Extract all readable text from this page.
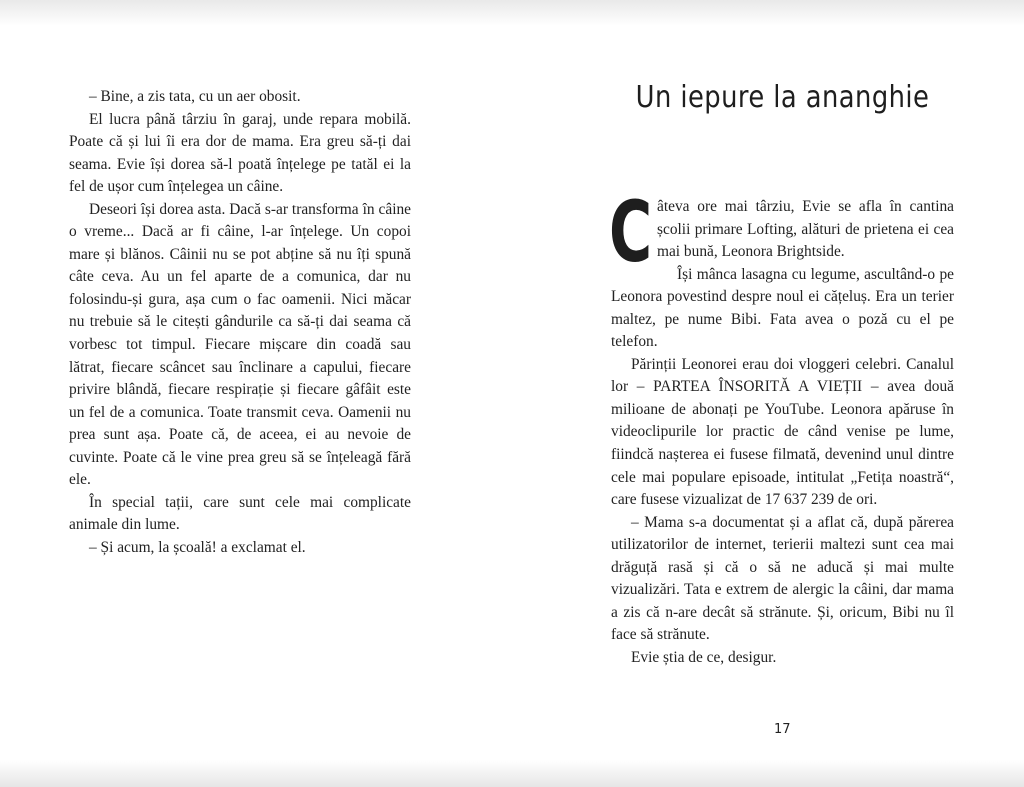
– Bine, a zis tata, cu un aer obosit.

El lucra până târziu în garaj, unde repara mobilă. Poate că și lui îi era dor de mama. Era greu să-ți dai seama. Evie își dorea să-l poată înțelege pe tatăl ei la fel de ușor cum înțelegea un câine.

Deseori își dorea asta. Dacă s-ar transforma în câine o vreme... Dacă ar fi câine, l-ar înțelege. Un copoi mare și blănos. Câinii nu se pot abține să nu îți spună câte ceva. Au un fel aparte de a comunica, dar nu folosindu-și gura, așa cum o fac oamenii. Nici măcar nu trebuie să le citești gândurile ca să-ți dai seama că vorbesc tot timpul. Fiecare mișcare din coadă sau lătrat, fiecare scâncet sau înclinare a capului, fiecare privire blândă, fiecare respirație și fiecare gâfâit este un fel de a comunica. Toate transmit ceva. Oamenii nu prea sunt așa. Poate că, de aceea, ei au nevoie de cuvinte. Poate că le vine prea greu să se înțeleagă fără ele.

În special tații, care sunt cele mai complicate animale din lume.

– Și acum, la școală! a exclamat el.

Un iepure la ananghie

Câteva ore mai târziu, Evie se afla în cantina școlii primare Lofting, alături de prietena ei cea mai bună, Leonora Brightside.

Își mânca lasagna cu legume, ascultând-o pe Leonora povestind despre noul ei cățeluș. Era un terier maltez, pe nume Bibi. Fata avea o poză cu el pe telefon.

Părinții Leonorei erau doi vloggeri celebri. Canalul lor – PARTEA ÎNSORITĂ A VIEȚII – avea două milioane de abonați pe YouTube. Leonora apăruse în videoclipurile lor practic de când venise pe lume, fiindcă nașterea ei fusese filmată, devenind unul dintre cele mai populare episoade, intitulat „Fetița noastră“, care fusese vizualizat de 17 637 239 de ori.

– Mama s-a documentat și a aflat că, după părerea utilizatorilor de internet, terierii maltezi sunt cea mai drăguță rasă și că o să ne aducă și mai multe vizualizări. Tata e extrem de alergic la câini, dar mama a zis că n-are decât să strănute. Și, oricum, Bibi nu îl face să strănute.

Evie știa de ce, desigur.

17
